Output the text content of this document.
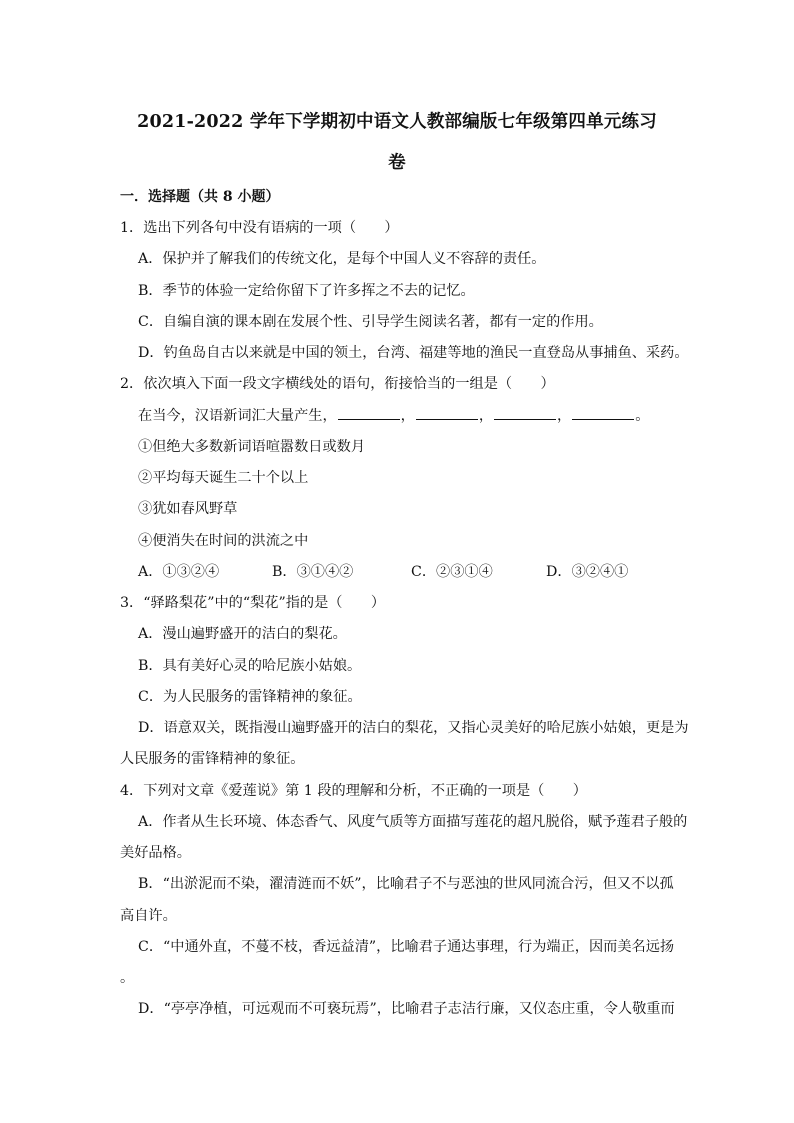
2021-2022 学年下学期初中语文人教部编版七年级第四单元练习
卷
一．选择题（共 8 小题）
1．选出下列各句中没有语病的一项（　　）
A．保护并了解我们的传统文化，是每个中国人义不容辞的责任。
B．季节的体验一定给你留下了许多挥之不去的记忆。
C．自编自演的课本剧在发展个性、引导学生阅读名著，都有一定的作用。
D．钓鱼岛自古以来就是中国的领土，台湾、福建等地的渔民一直登岛从事捕鱼、采药。
2．依次填入下面一段文字横线处的语句，衔接恰当的一组是（　　）
在当今，汉语新词汇大量产生，	，	，	，	。
①但绝大多数新词语喧嚣数日或数月
②平均每天诞生二十个以上
③犹如春风野草
④便消失在时间的洪流之中
A．①③②④	B．③①④②	C．②③①④	D．③②④①
3．“驿路梨花”中的“梨花”指的是（　　）
A．漫山遍野盛开的洁白的梨花。
B．具有美好心灵的哈尼族小姑娘。
C．为人民服务的雷锋精神的象征。
D．语意双关，既指漫山遍野盛开的洁白的梨花，又指心灵美好的哈尼族小姑娘，更是为
人民服务的雷锋精神的象征。
4．下列对文章《爱莲说》第 1 段的理解和分析，不正确的一项是（　　）
A．作者从生长环境、体态香气、风度气质等方面描写莲花的超凡脱俗，赋予莲君子般的
美好品格。
B．“出淤泥而不染，濯清涟而不妖”，比喻君子不与恶浊的世风同流合污，但又不以孤
高自许。
C．“中通外直，不蔓不枝，香远益清”，比喻君子通达事理，行为端正，因而美名远扬
。
D．“亭亭净植，可远观而不可亵玩焉”，比喻君子志洁行廉，又仪态庄重，令人敬重而
